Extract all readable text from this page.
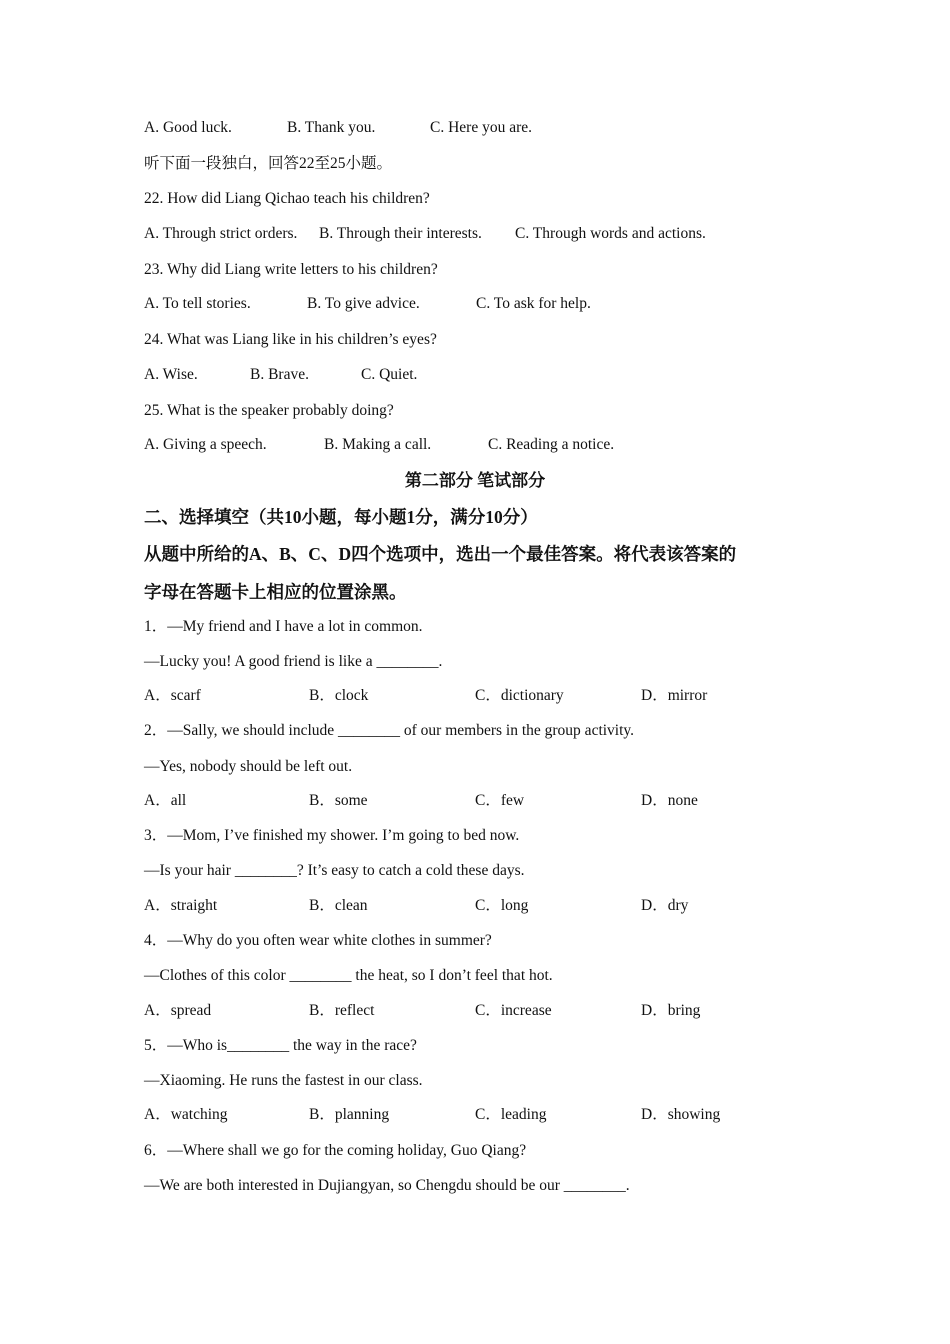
A. Good luck.	B. Thank you.	C. Here you are.
听下面一段独白，回答22至25小题。
22. How did Liang Qichao teach his children?
A. Through strict orders. B. Through their interests. C. Through words and actions.
23. Why did Liang write letters to his children?
A. To tell stories.	B. To give advice.	C. To ask for help.
24. What was Liang like in his children’s eyes?
A. Wise.	B. Brave.	C. Quiet.
25. What is the speaker probably doing?
A. Giving a speech.	B. Making a call.	C. Reading a notice.
第二部分 笔试部分
二、选择填空（共10小题，每小题1分，满分10分）
从题中所给的A、B、C、D四个选项中，选出一个最佳答案。将代表该答案的
字母在答题卡上相应的位置涂黑。
1．—My friend and I have a lot in common.
—Lucky you! A good friend is like a ________.
A．scarf	B．clock	C．dictionary	D．mirror
2．—Sally, we should include ________ of our members in the group activity.
—Yes, nobody should be left out.
A．all	B．some	C．few	D．none
3．—Mom, I’ve finished my shower. I’m going to bed now.
—Is your hair ________? It’s easy to catch a cold these days.
A．straight	B．clean	C．long	D．dry
4．—Why do you often wear white clothes in summer?
—Clothes of this color ________ the heat, so I don’t feel that hot.
A．spread	B．reflect	C．increase	D．bring
5．—Who is________ the way in the race?
—Xiaoming. He runs the fastest in our class.
A．watching	B．planning	C．leading	D．showing
6．—Where shall we go for the coming holiday, Guo Qiang?
—We are both interested in Dujiangyan, so Chengdu should be our ________.
